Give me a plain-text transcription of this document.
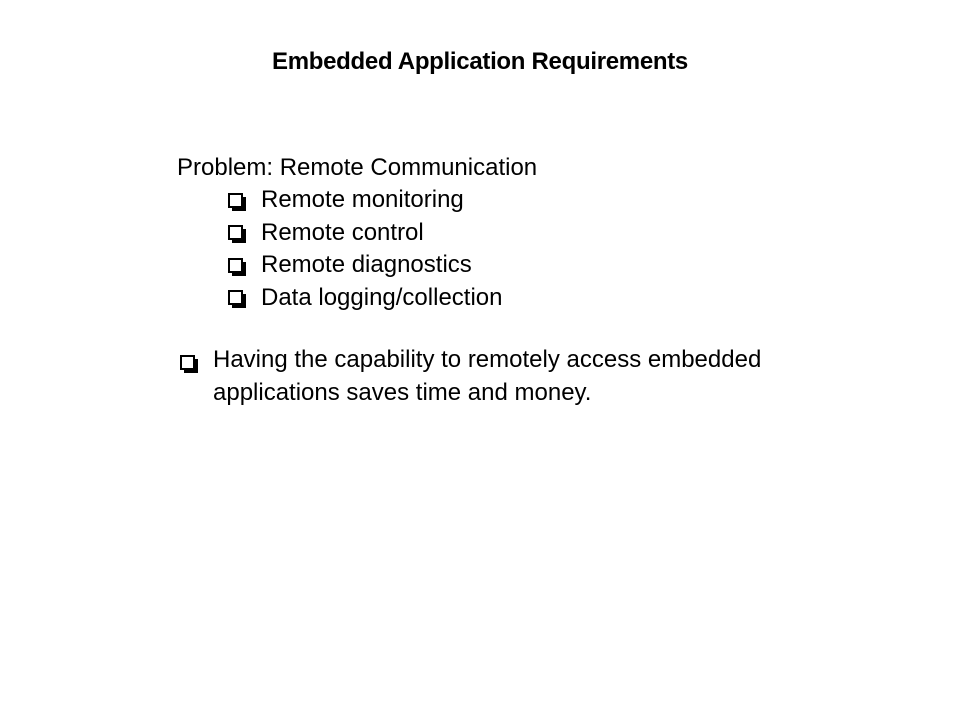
Embedded Application Requirements
Problem: Remote Communication
Remote monitoring
Remote control
Remote diagnostics
Data logging/collection
Having the capability to remotely access embedded applications saves time and money.
